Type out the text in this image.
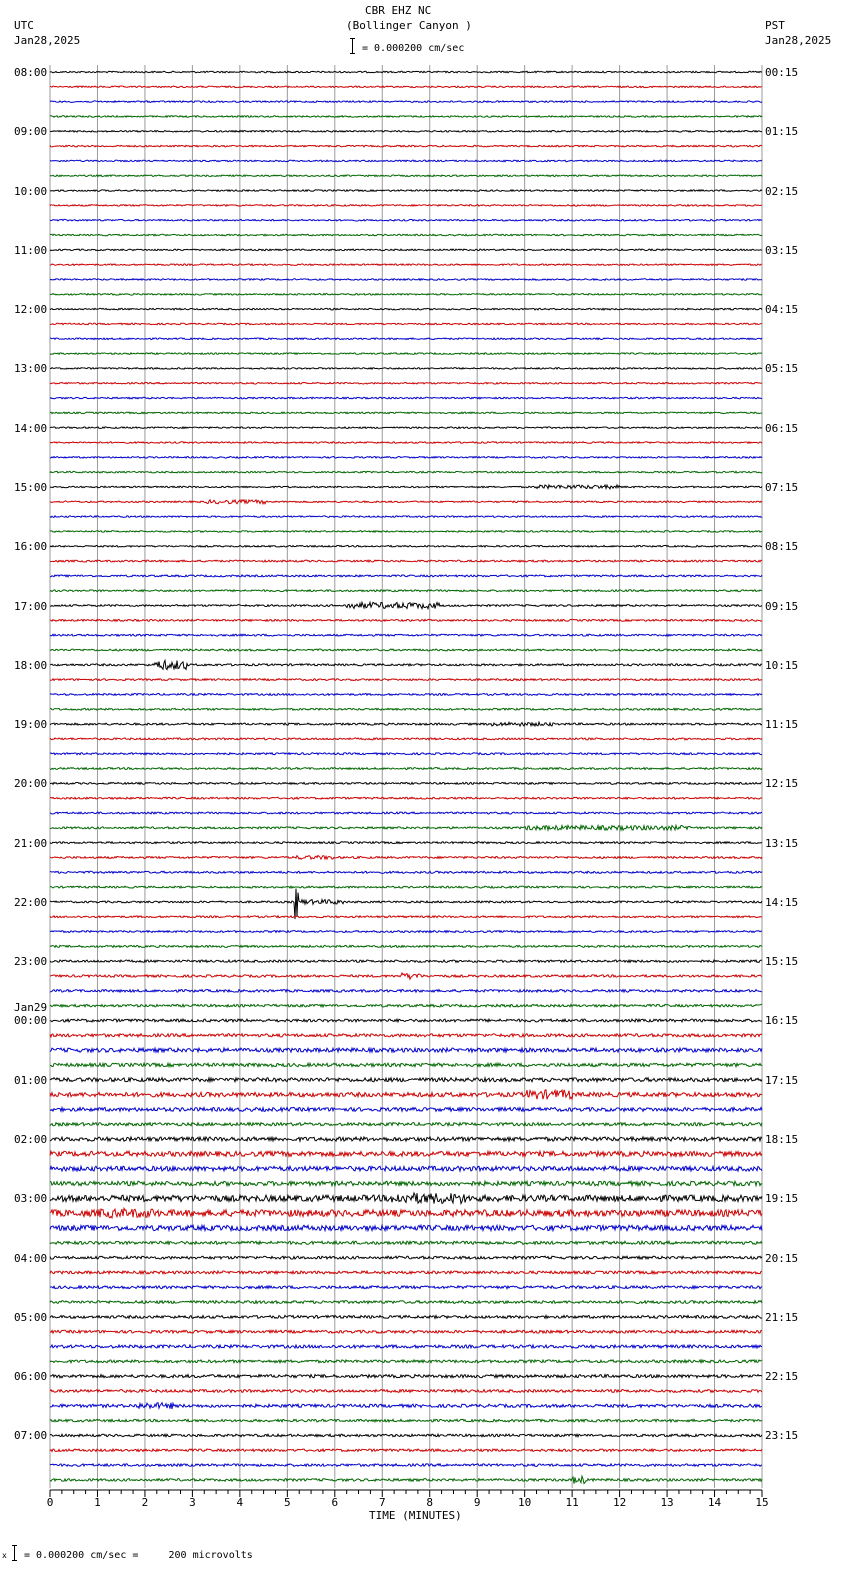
0	1	2	3	4	5	6	7	8	9	10	11	12	13	14	15
CBR EHZ NC
(Bollinger Canyon )
UTC
Jan28,2025
PST
Jan28,2025
= 0.000200 cm/sec
x = 0.000200 cm/sec =     200 microvolts
TIME (MINUTES)
08:00
09:00
10:00
11:00
12:00
13:00
14:00
15:00
16:00
17:00
18:00
19:00
20:00
21:00
22:00
23:00
Jan29
00:00
01:00
02:00
03:00
04:00
05:00
06:00
07:00
00:15
01:15
02:15
03:15
04:15
05:15
06:15
07:15
08:15
09:15
10:15
11:15
12:15
13:15
14:15
15:15
16:15
17:15
18:15
19:15
20:15
21:15
22:15
23:15
